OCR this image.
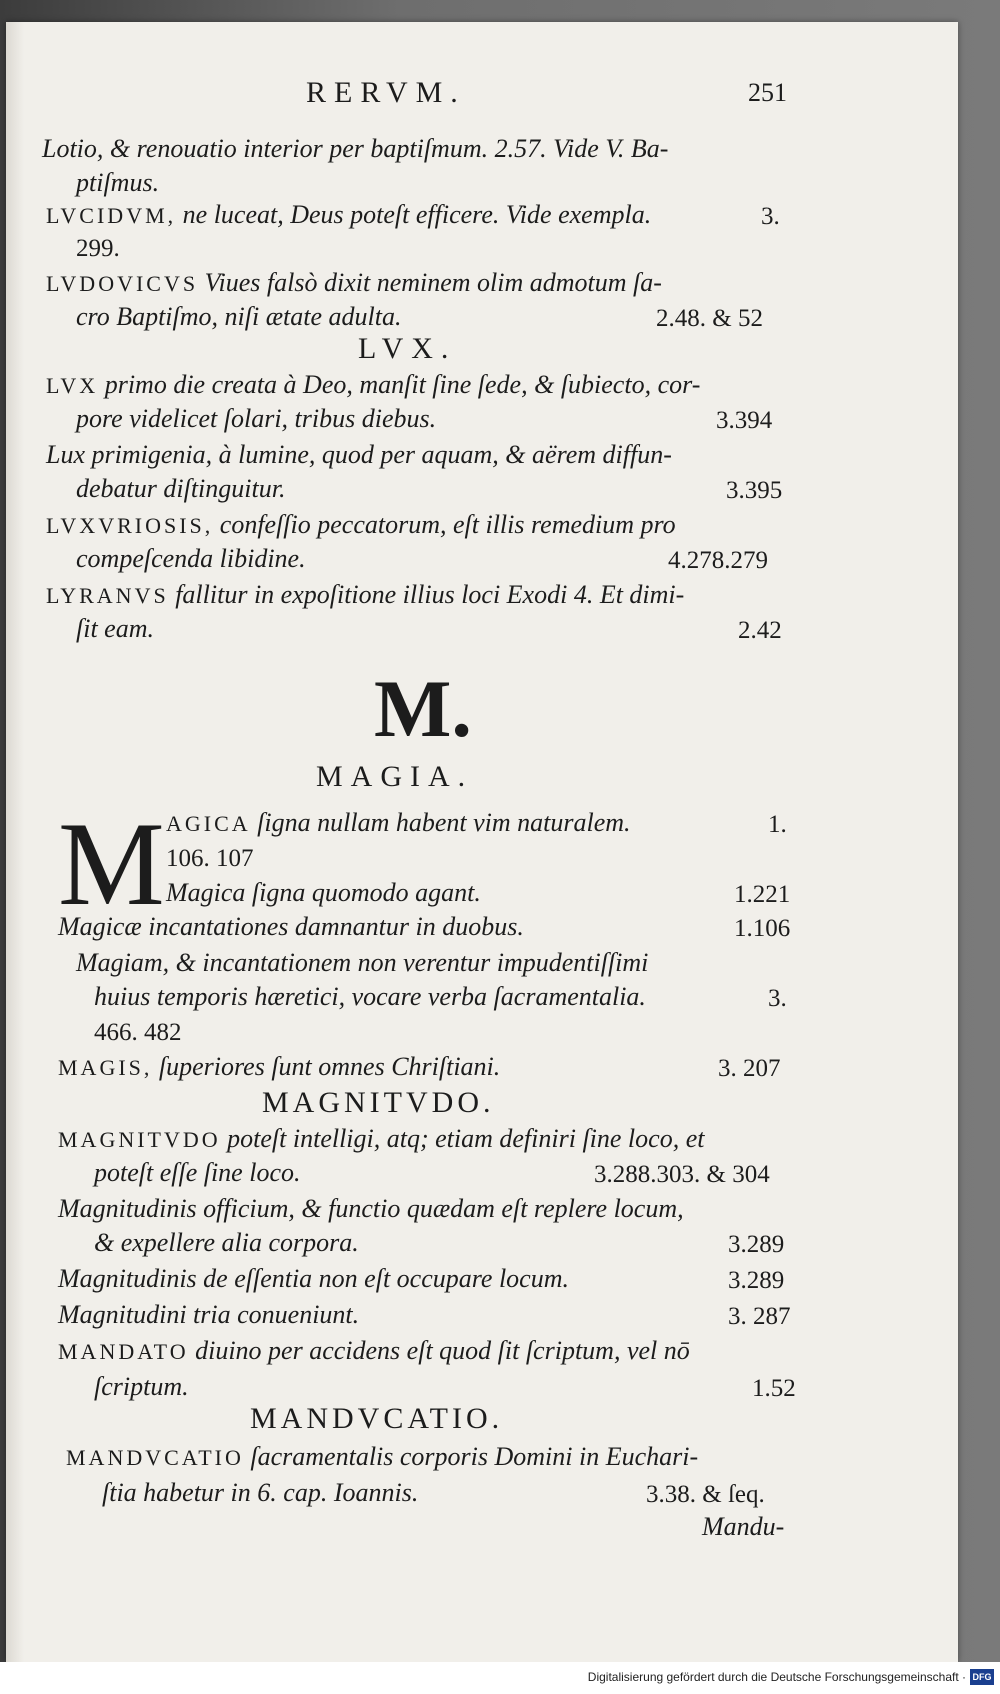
RERVM.	251
Lotio, & renouatio interior per baptiſmum. 2.57. Vide V. Ba-
ptiſmus.
LVCIDVM, ne luceat, Deus poteſt efficere. Vide exempla.	3.
299.
LVDOVICVS Viues falsò dixit neminem olim admotum ſa-
cro Baptiſmo, niſi ætate adulta.	2.48. & 52
LVX.
LVX primo die creata à Deo, manſit ſine ſede, & ſubiecto, cor-
pore videlicet ſolari, tribus diebus.	3.394
Lux primigenia, à lumine, quod per aquam, & aërem diffun-
debatur diſtinguitur.	3.395
LVXVRIOSIS, confeſſio peccatorum, eſt illis remedium pro
compeſcenda libidine.	4.278.279
LYRANVS fallitur in expoſitione illius loci Exodi 4. Et dimi-
ſit eam.	2.42
M.
MAGIA.
M AGICA ſigna nullam habent vim naturalem.	1.
106. 107
Magica ſigna quomodo agant.	1.221
Magicæ incantationes damnantur in duobus.	1.106
Magiam, & incantationem non verentur impudentiſſimi
huius temporis hæretici, vocare verba ſacramentalia.	3.
466. 482
MAGIS, ſuperiores ſunt omnes Chriſtiani.	3. 207
MAGNITVDO.
MAGNITVDO poteſt intelligi, atq; etiam definiri ſine loco, et
poteſt eſſe ſine loco.	3.288.303. & 304
Magnitudinis officium, & functio quædam eſt replere locum,
& expellere alia corpora.	3.289
Magnitudinis de eſſentia non eſt occupare locum.	3.289
Magnitudini tria conueniunt.	3. 287
MANDATO diuino per accidens eſt quod ſit ſcriptum, vel nō
ſcriptum.	1.52
MANDVCATIO.
MANDVCATIO ſacramentalis corporis Domini in Euchari-
ſtia habetur in 6. cap. Ioannis.	3.38. & ſeq.
Mandu-
Digitalisierung gefördert durch die Deutsche Forschungsgemeinschaft · DFG
